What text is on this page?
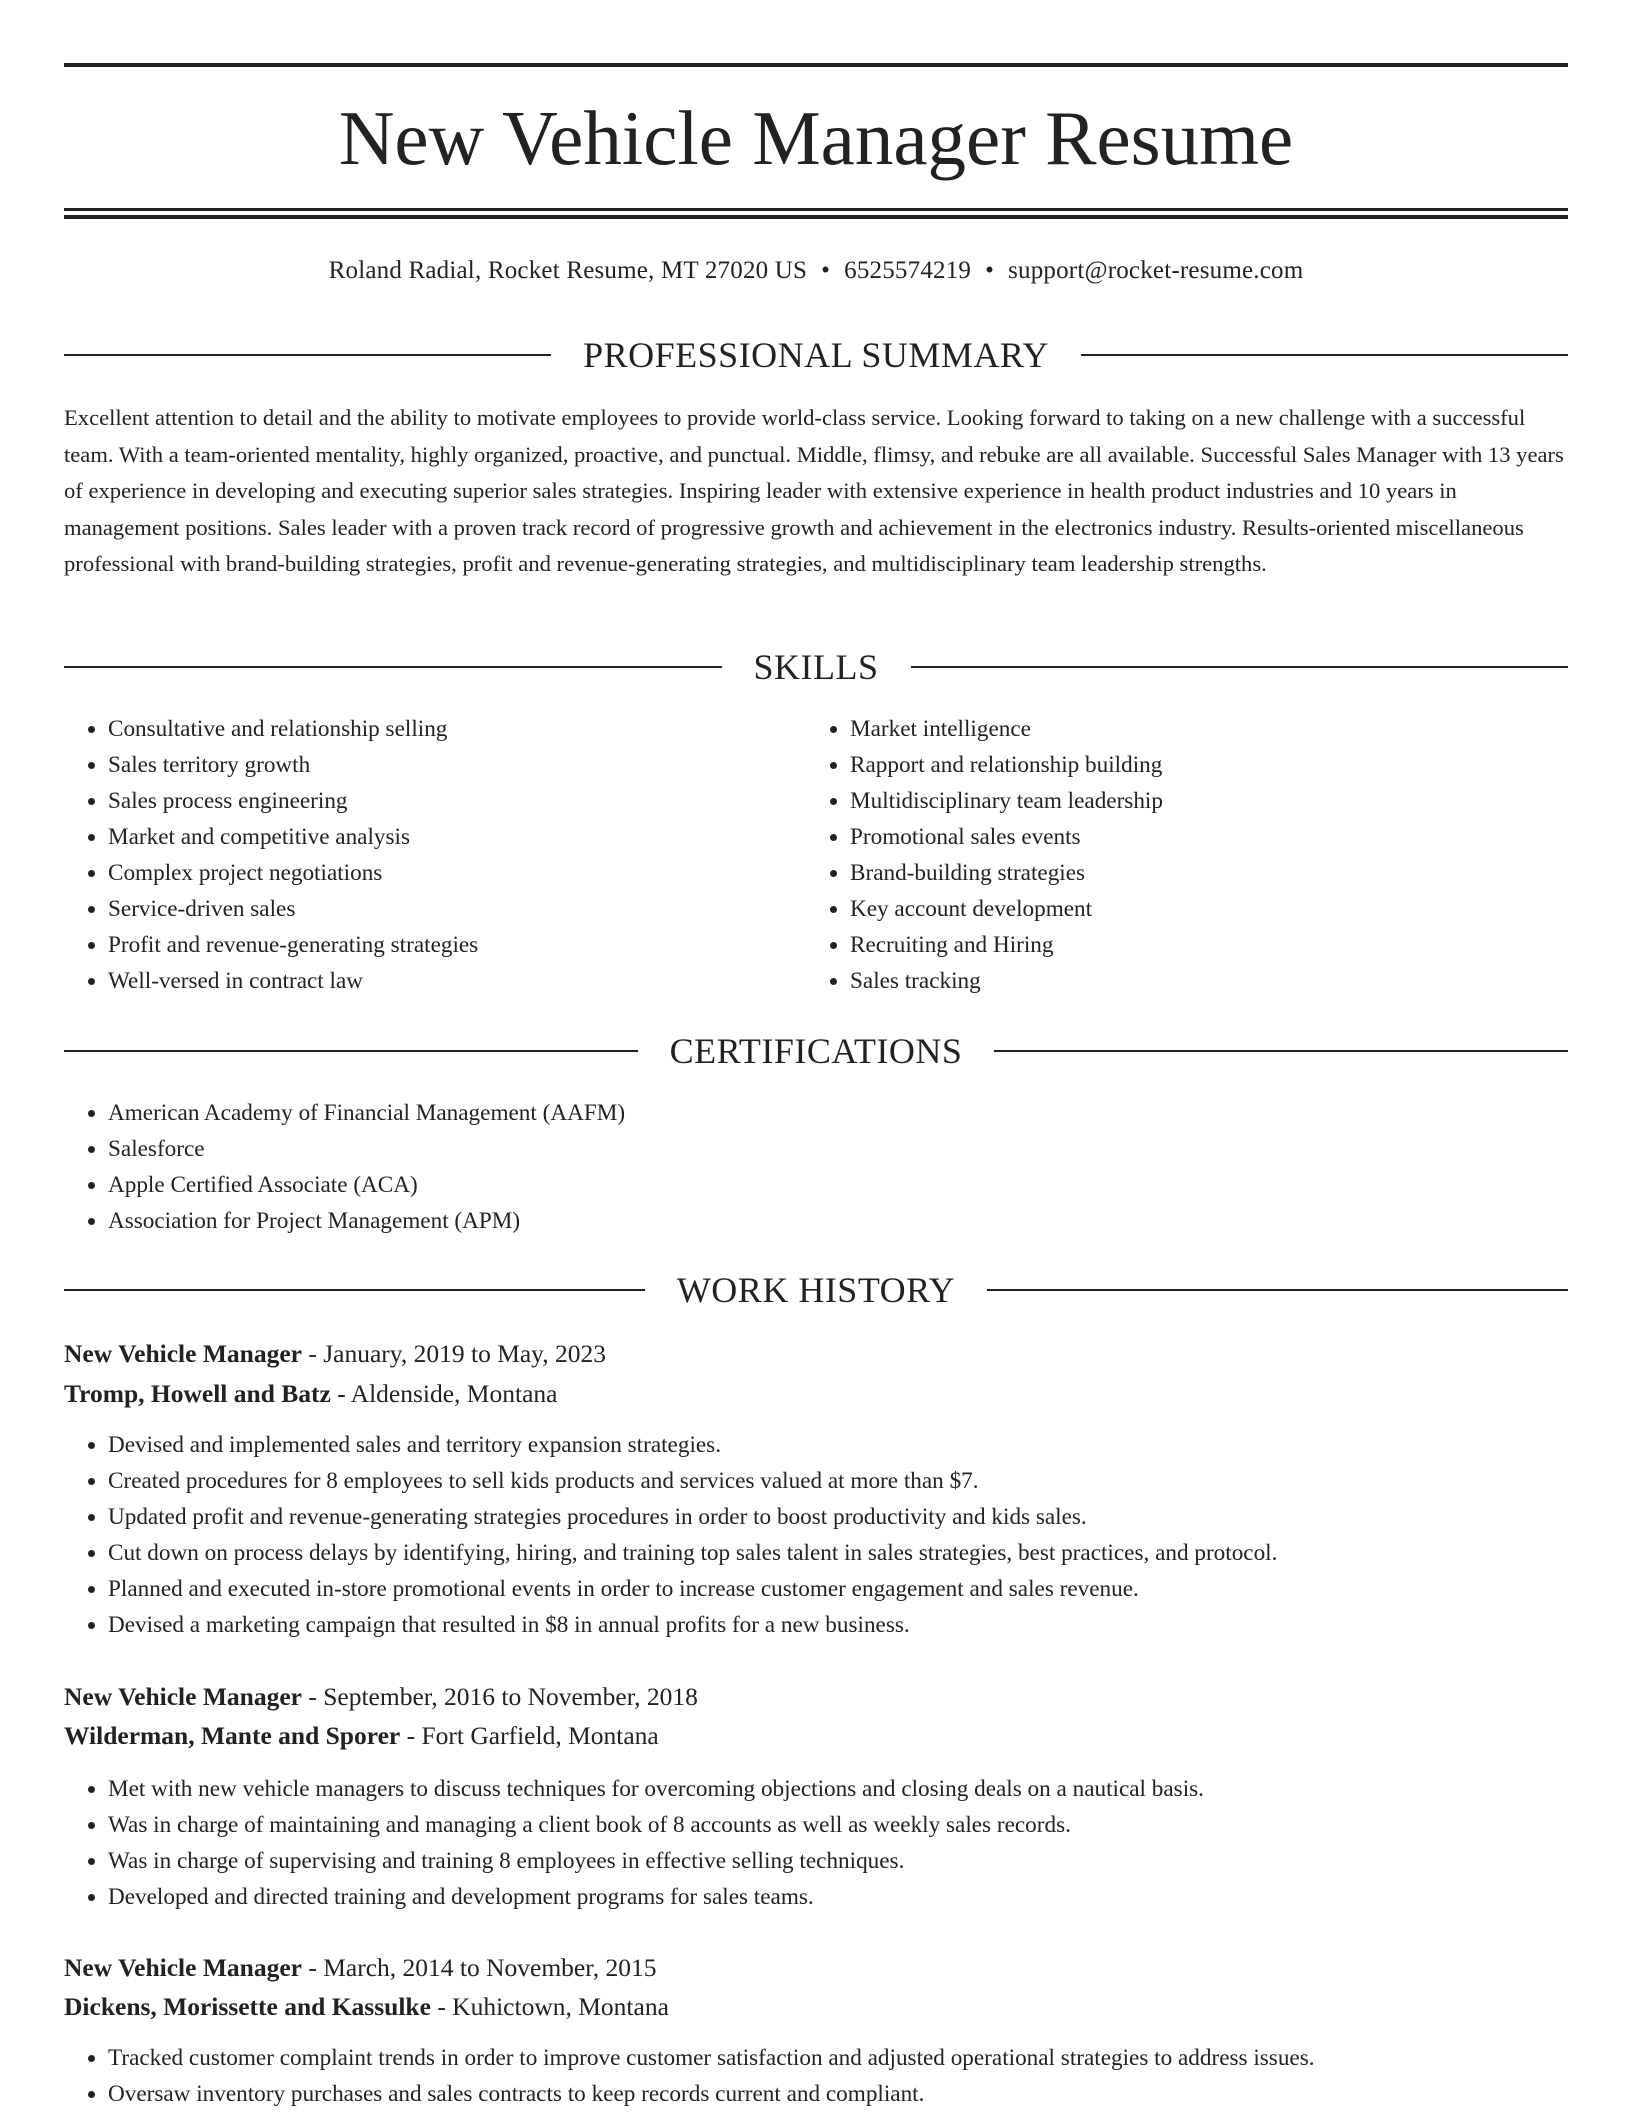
New Vehicle Manager Resume
Roland Radial, Rocket Resume, MT 27020 US • 6525574219 • support@rocket-resume.com
PROFESSIONAL SUMMARY

Excellent attention to detail and the ability to motivate employees to provide world-class service. Looking forward to taking on a new challenge with a successful team. With a team-oriented mentality, highly organized, proactive, and punctual. Middle, flimsy, and rebuke are all available. Successful Sales Manager with 13 years of experience in developing and executing superior sales strategies. Inspiring leader with extensive experience in health product industries and 10 years in management positions. Sales leader with a proven track record of progressive growth and achievement in the electronics industry. Results-oriented miscellaneous professional with brand-building strategies, profit and revenue-generating strategies, and multidisciplinary team leadership strengths.

SKILLS
• Consultative and relationship selling
• Sales territory growth
• Sales process engineering
• Market and competitive analysis
• Complex project negotiations
• Service-driven sales
• Profit and revenue-generating strategies
• Well-versed in contract law
• Market intelligence
• Rapport and relationship building
• Multidisciplinary team leadership
• Promotional sales events
• Brand-building strategies
• Key account development
• Recruiting and Hiring
• Sales tracking
CERTIFICATIONS
• American Academy of Financial Management (AAFM)
• Salesforce
• Apple Certified Associate (ACA)
• Association for Project Management (APM)
WORK HISTORY
New Vehicle Manager - January, 2019 to May, 2023
Tromp, Howell and Batz - Aldenside, Montana
• Devised and implemented sales and territory expansion strategies.
• Created procedures for 8 employees to sell kids products and services valued at more than $7.
• Updated profit and revenue-generating strategies procedures in order to boost productivity and kids sales.
• Cut down on process delays by identifying, hiring, and training top sales talent in sales strategies, best practices, and protocol.
• Planned and executed in-store promotional events in order to increase customer engagement and sales revenue.
• Devised a marketing campaign that resulted in $8 in annual profits for a new business.
New Vehicle Manager - September, 2016 to November, 2018
Wilderman, Mante and Sporer - Fort Garfield, Montana
• Met with new vehicle managers to discuss techniques for overcoming objections and closing deals on a nautical basis.
• Was in charge of maintaining and managing a client book of 8 accounts as well as weekly sales records.
• Was in charge of supervising and training 8 employees in effective selling techniques.
• Developed and directed training and development programs for sales teams.
New Vehicle Manager - March, 2014 to November, 2015
Dickens, Morissette and Kassulke - Kuhictown, Montana
• Tracked customer complaint trends in order to improve customer satisfaction and adjusted operational strategies to address issues.
• Oversaw inventory purchases and sales contracts to keep records current and compliant.
